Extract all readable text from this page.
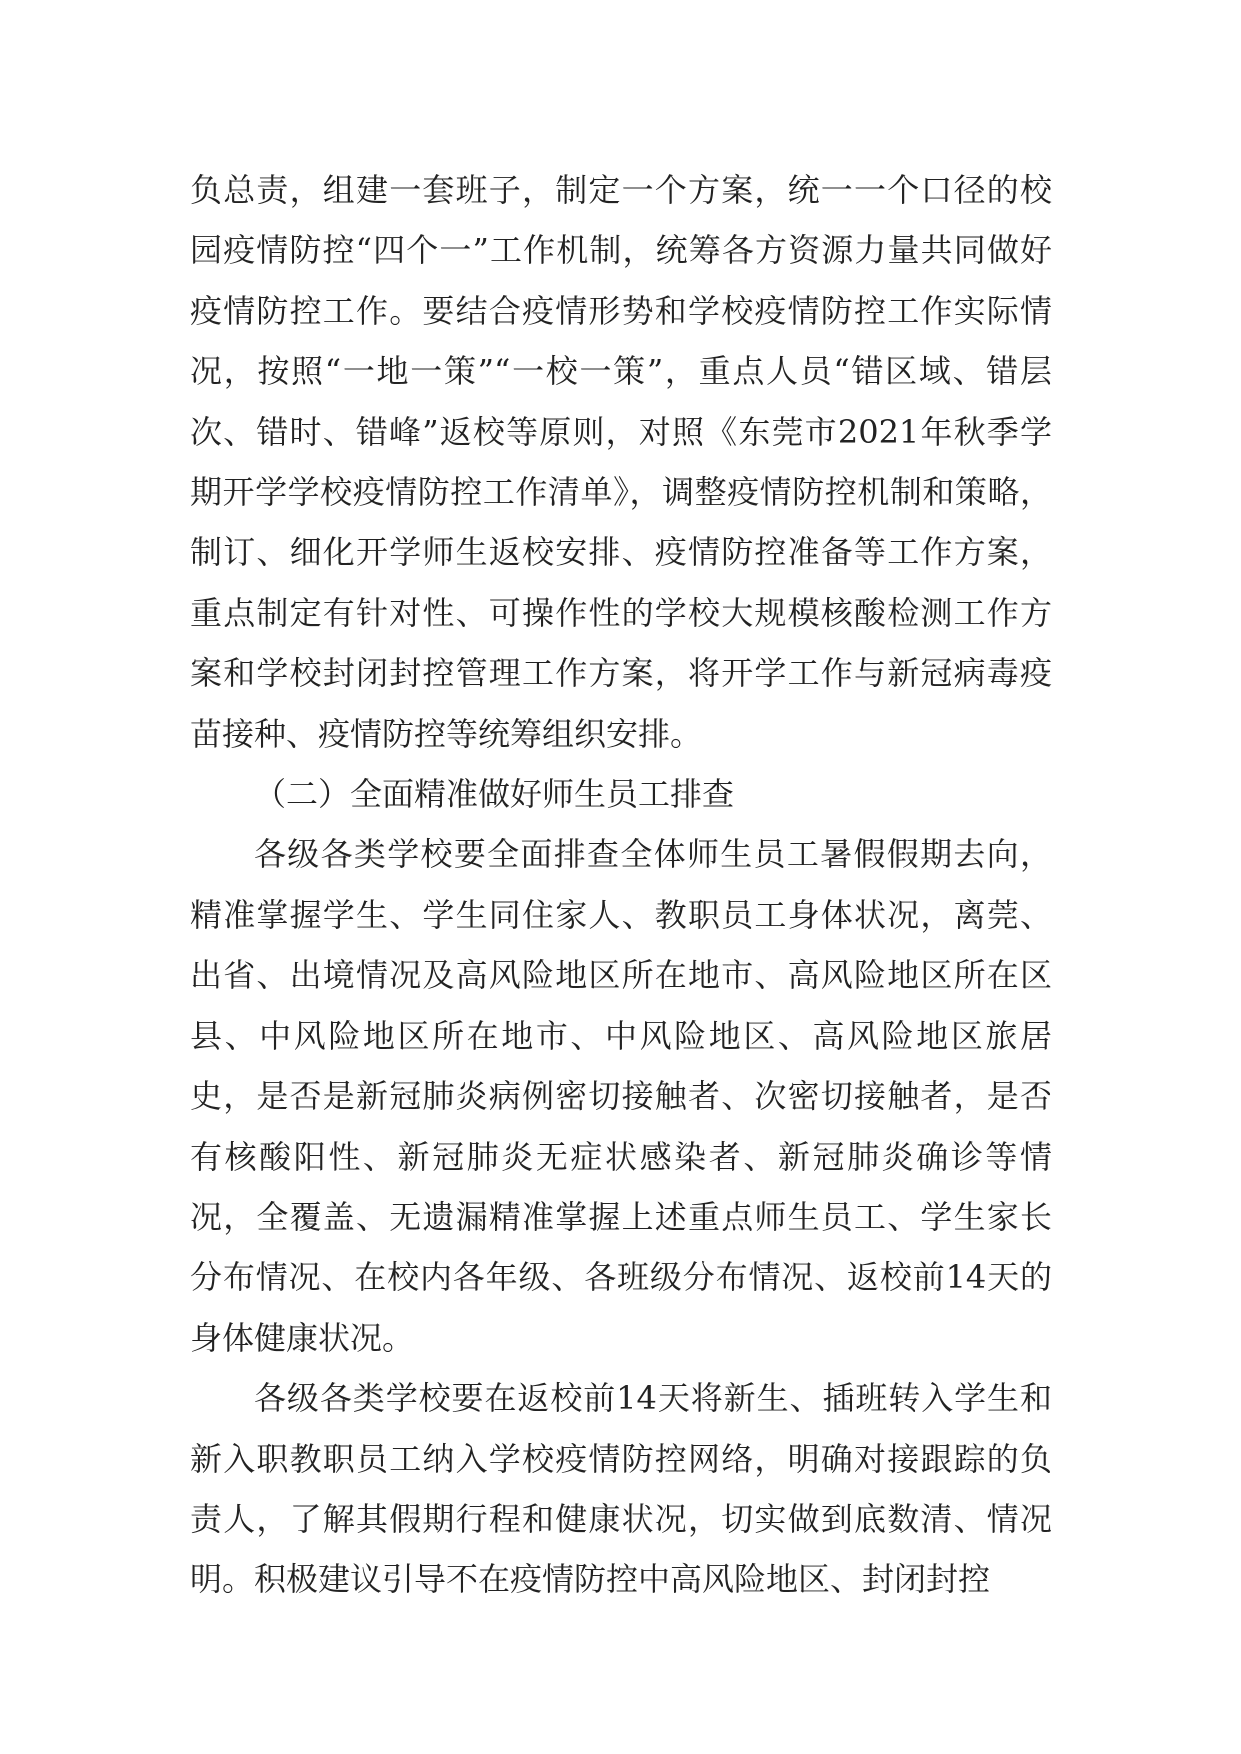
负总责，组建一套班子，制定一个方案，统一一个口径的校园疫情防控“四个一”工作机制，统筹各方资源力量共同做好疫情防控工作。要结合疫情形势和学校疫情防控工作实际情况，按照“一地一策”“一校一策”，重点人员“错区域、错层次、错时、错峰”返校等原则，对照《东莞市2021年秋季学期开学学校疫情防控工作清单》，调整疫情防控机制和策略，制订、细化开学师生返校安排、疫情防控准备等工作方案，重点制定有针对性、可操作性的学校大规模核酸检测工作方案和学校封闭封控管理工作方案，将开学工作与新冠病毒疫苗接种、疫情防控等统筹组织安排。

（二）全面精准做好师生员工排查

各级各类学校要全面排查全体师生员工暑假假期去向，精准掌握学生、学生同住家人、教职员工身体状况，离莞、出省、出境情况及高风险地区所在地市、高风险地区所在区县、中风险地区所在地市、中风险地区、高风险地区旅居史，是否是新冠肺炎病例密切接触者、次密切接触者，是否有核酸阳性、新冠肺炎无症状感染者、新冠肺炎确诊等情况，全覆盖、无遗漏精准掌握上述重点师生员工、学生家长分布情况、在校内各年级、各班级分布情况、返校前14天的身体健康状况。

各级各类学校要在返校前14天将新生、插班转入学生和新入职教职员工纳入学校疫情防控网络，明确对接跟踪的负责人，了解其假期行程和健康状况，切实做到底数清、情况明。积极建议引导不在疫情防控中高风险地区、封闭封控
